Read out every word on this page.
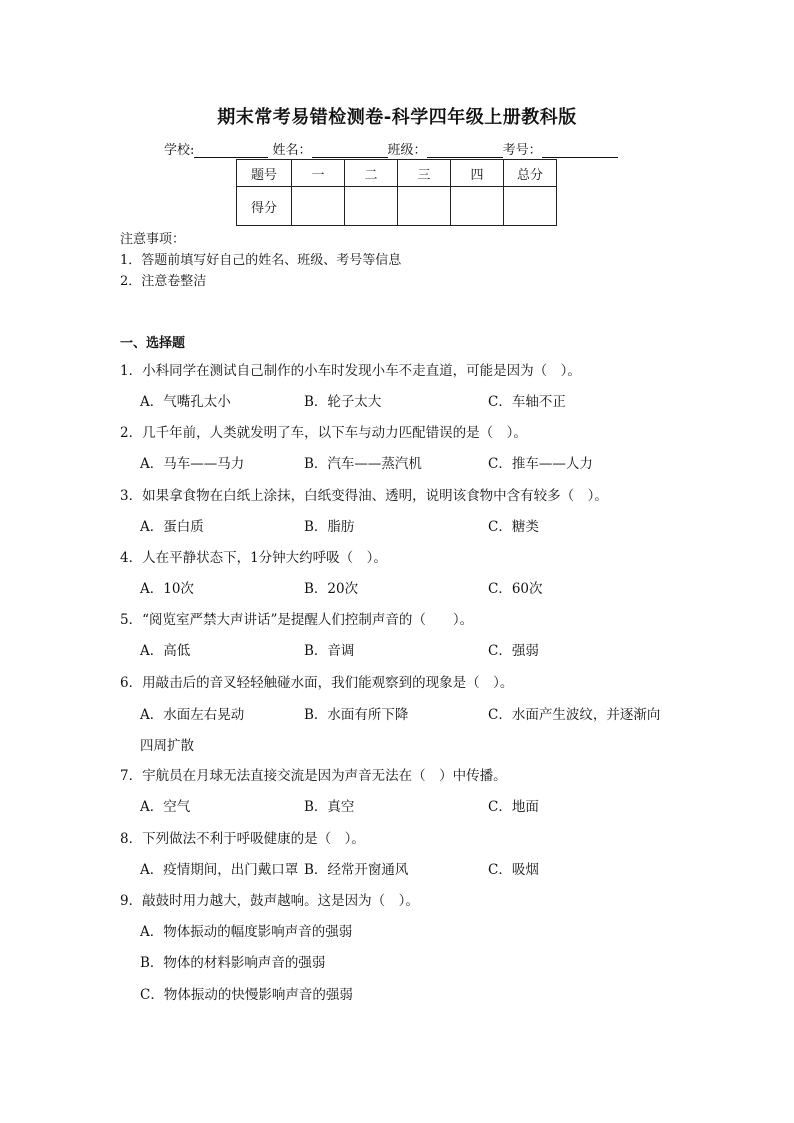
期末常考易错检测卷-科学四年级上册教科版
学校:	姓名：	班级：	考号：
题号	一	二	三	四	总分
得分					
注意事项：
1．答题前填写好自己的姓名、班级、考号等信息
2．注意卷整洁
一、选择题
1．小科同学在测试自己制作的小车时发现小车不走直道，可能是因为（　）。
A．气嘴孔太小	B．轮子太大	C．车轴不正
2．几千年前，人类就发明了车，以下车与动力匹配错误的是（　）。
A．马车——马力	B．汽车——蒸汽机	C．推车——人力
3．如果拿食物在白纸上涂抹，白纸变得油、透明，说明该食物中含有较多（　）。
A．蛋白质	B．脂肪	C．糖类
4．人在平静状态下，1分钟大约呼吸（　）。
A．10次	B．20次	C．60次
5．“阅览室严禁大声讲话”是提醒人们控制声音的（　　）。
A．高低	B．音调	C．强弱
6．用敲击后的音叉轻轻触碰水面，我们能观察到的现象是（　）。
A．水面左右晃动	B．水面有所下降	C．水面产生波纹，并逐渐向
四周扩散
7．宇航员在月球无法直接交流是因为声音无法在（　）中传播。
A．空气	B．真空	C．地面
8．下列做法不利于呼吸健康的是（　）。
A．疫情期间，出门戴口罩 B．经常开窗通风	C．吸烟
9．敲鼓时用力越大，鼓声越响。这是因为（　）。
A．物体振动的幅度影响声音的强弱
B．物体的材料影响声音的强弱
C．物体振动的快慢影响声音的强弱
